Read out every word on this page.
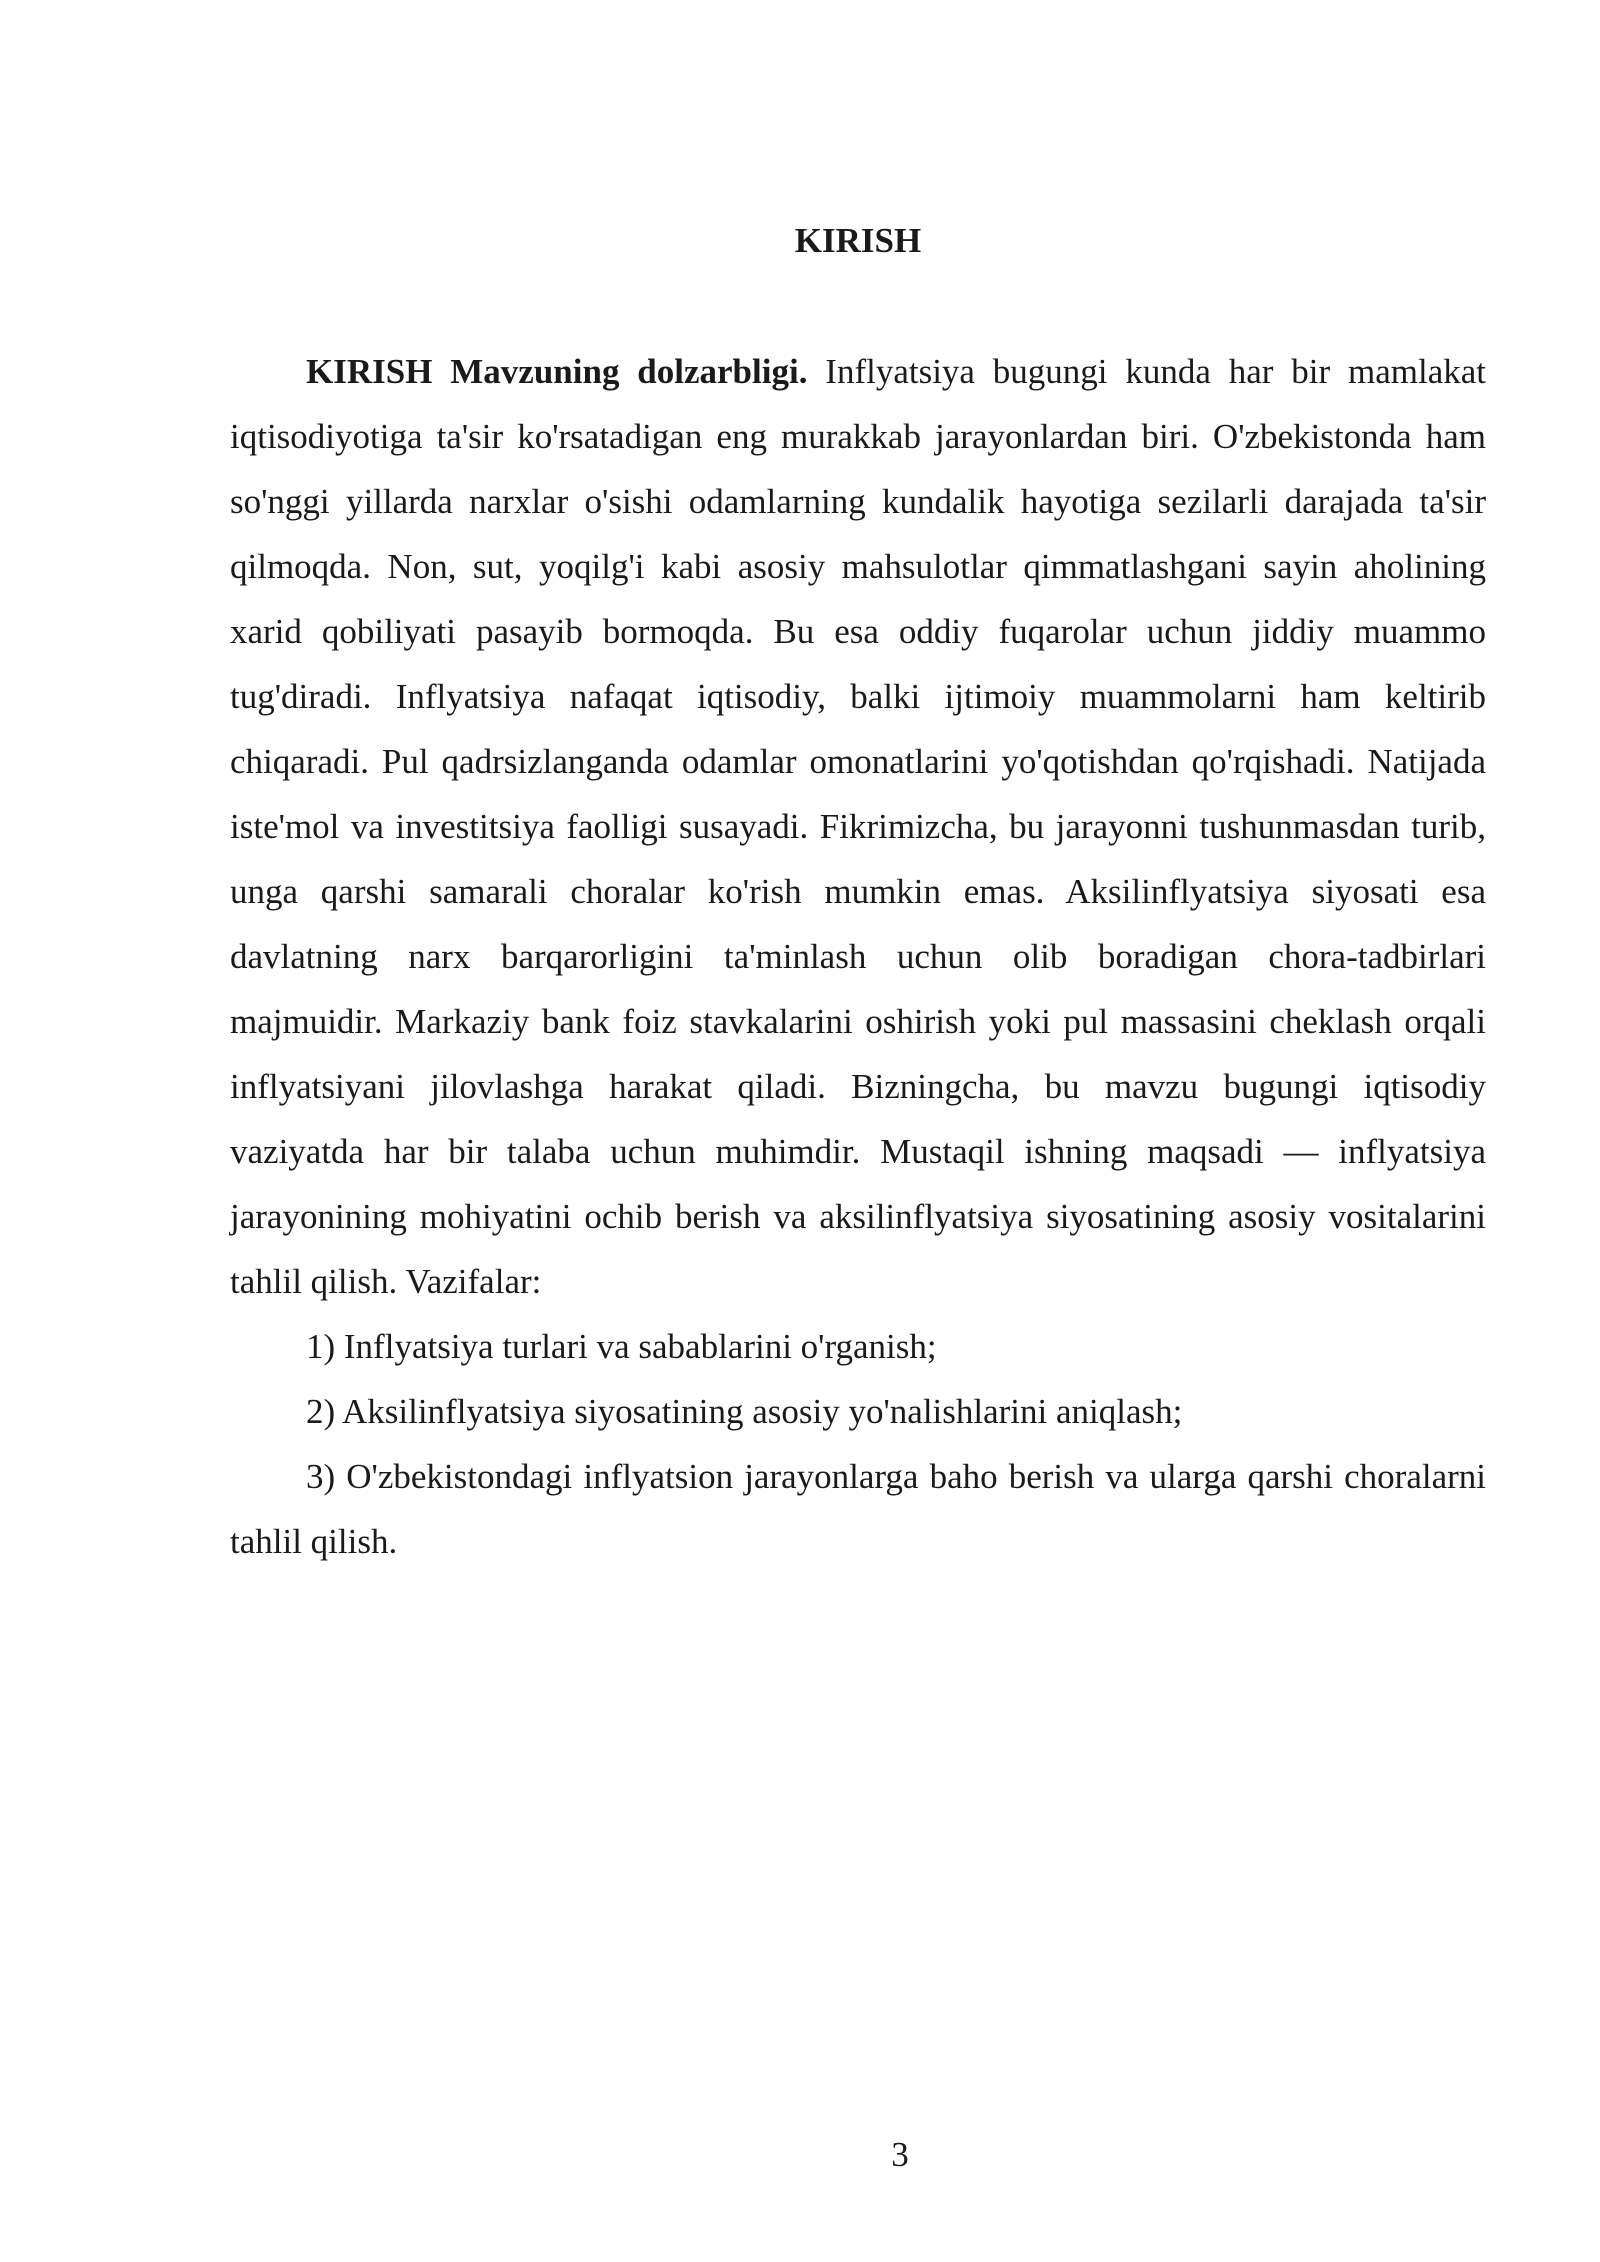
KIRISH

KIRISH Mavzuning dolzarbligi. Inflyatsiya bugungi kunda har bir mamlakat iqtisodiyotiga ta'sir ko'rsatadigan eng murakkab jarayonlardan biri. O'zbekistonda ham so'nggi yillarda narxlar o'sishi odamlarning kundalik hayotiga sezilarli darajada ta'sir qilmoqda. Non, sut, yoqilg'i kabi asosiy mahsulotlar qimmatlashgani sayin aholining xarid qobiliyati pasayib bormoqda. Bu esa oddiy fuqarolar uchun jiddiy muammo tug'diradi. Inflyatsiya nafaqat iqtisodiy, balki ijtimoiy muammolarni ham keltirib chiqaradi. Pul qadrsizlanganda odamlar omonatlarini yo'qotishdan qo'rqishadi. Natijada iste'mol va investitsiya faolligi susayadi. Fikrimizcha, bu jarayonni tushunmasdan turib, unga qarshi samarali choralar ko'rish mumkin emas. Aksilinflyatsiya siyosati esa davlatning narx barqarorligini ta'minlash uchun olib boradigan chora-tadbirlari majmuidir. Markaziy bank foiz stavkalarini oshirish yoki pul massasini cheklash orqali inflyatsiyani jilovlashga harakat qiladi. Bizningcha, bu mavzu bugungi iqtisodiy vaziyatda har bir talaba uchun muhimdir. Mustaqil ishning maqsadi — inflyatsiya jarayonining mohiyatini ochib berish va aksilinflyatsiya siyosatining asosiy vositalarini tahlil qilish. Vazifalar:

1) Inflyatsiya turlari va sabablarini o'rganish;

2) Aksilinflyatsiya siyosatining asosiy yo'nalishlarini aniqlash;

3) O'zbekistondagi inflyatsion jarayonlarga baho berish va ularga qarshi choralarni tahlil qilish.

3
